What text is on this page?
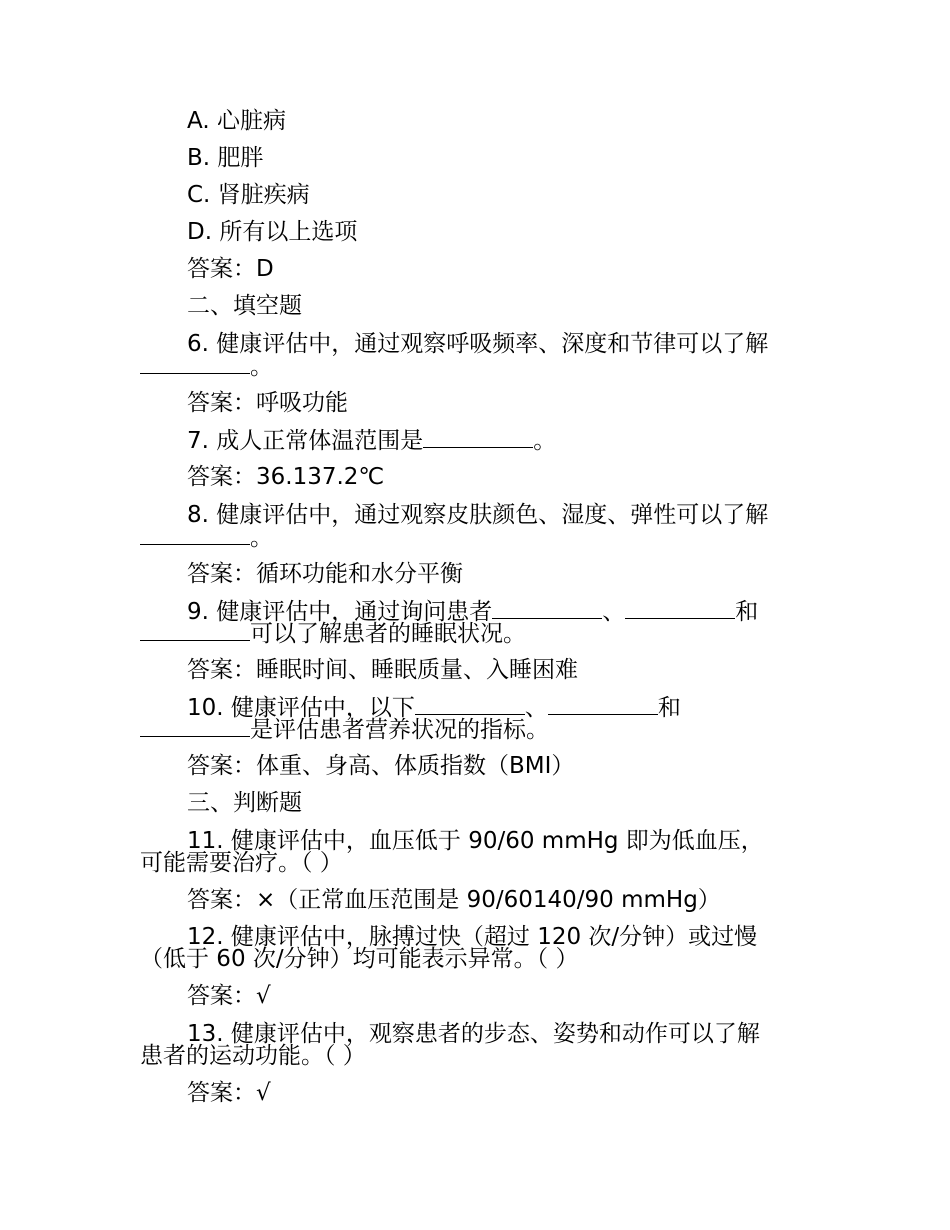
A. 心脏病
B. 肥胖
C. 肾脏疾病
D. 所有以上选项
答案：D
二、填空题
6. 健康评估中，通过观察呼吸频率、深度和节律可以了解
。
答案：呼吸功能
7. 成人正常体温范围是	。
答案：36.137.2℃
8. 健康评估中，通过观察皮肤颜色、湿度、弹性可以了解
。
答案：循环功能和水分平衡
9. 健康评估中，通过询问患者	、	和
可以了解患者的睡眠状况。
答案：睡眠时间、睡眠质量、入睡困难
10. 健康评估中，以下	、	和
是评估患者营养状况的指标。
答案：体重、身高、体质指数（BMI）
三、判断题
11. 健康评估中，血压低于 90/60 mmHg 即为低血压，
可能需要治疗。（ ）
答案：×（正常血压范围是 90/60140/90 mmHg）
12. 健康评估中，脉搏过快（超过 120 次/分钟）或过慢
（低于 60 次/分钟）均可能表示异常。（ ）
答案：√
13. 健康评估中，观察患者的步态、姿势和动作可以了解
患者的运动功能。（ ）
答案：√
